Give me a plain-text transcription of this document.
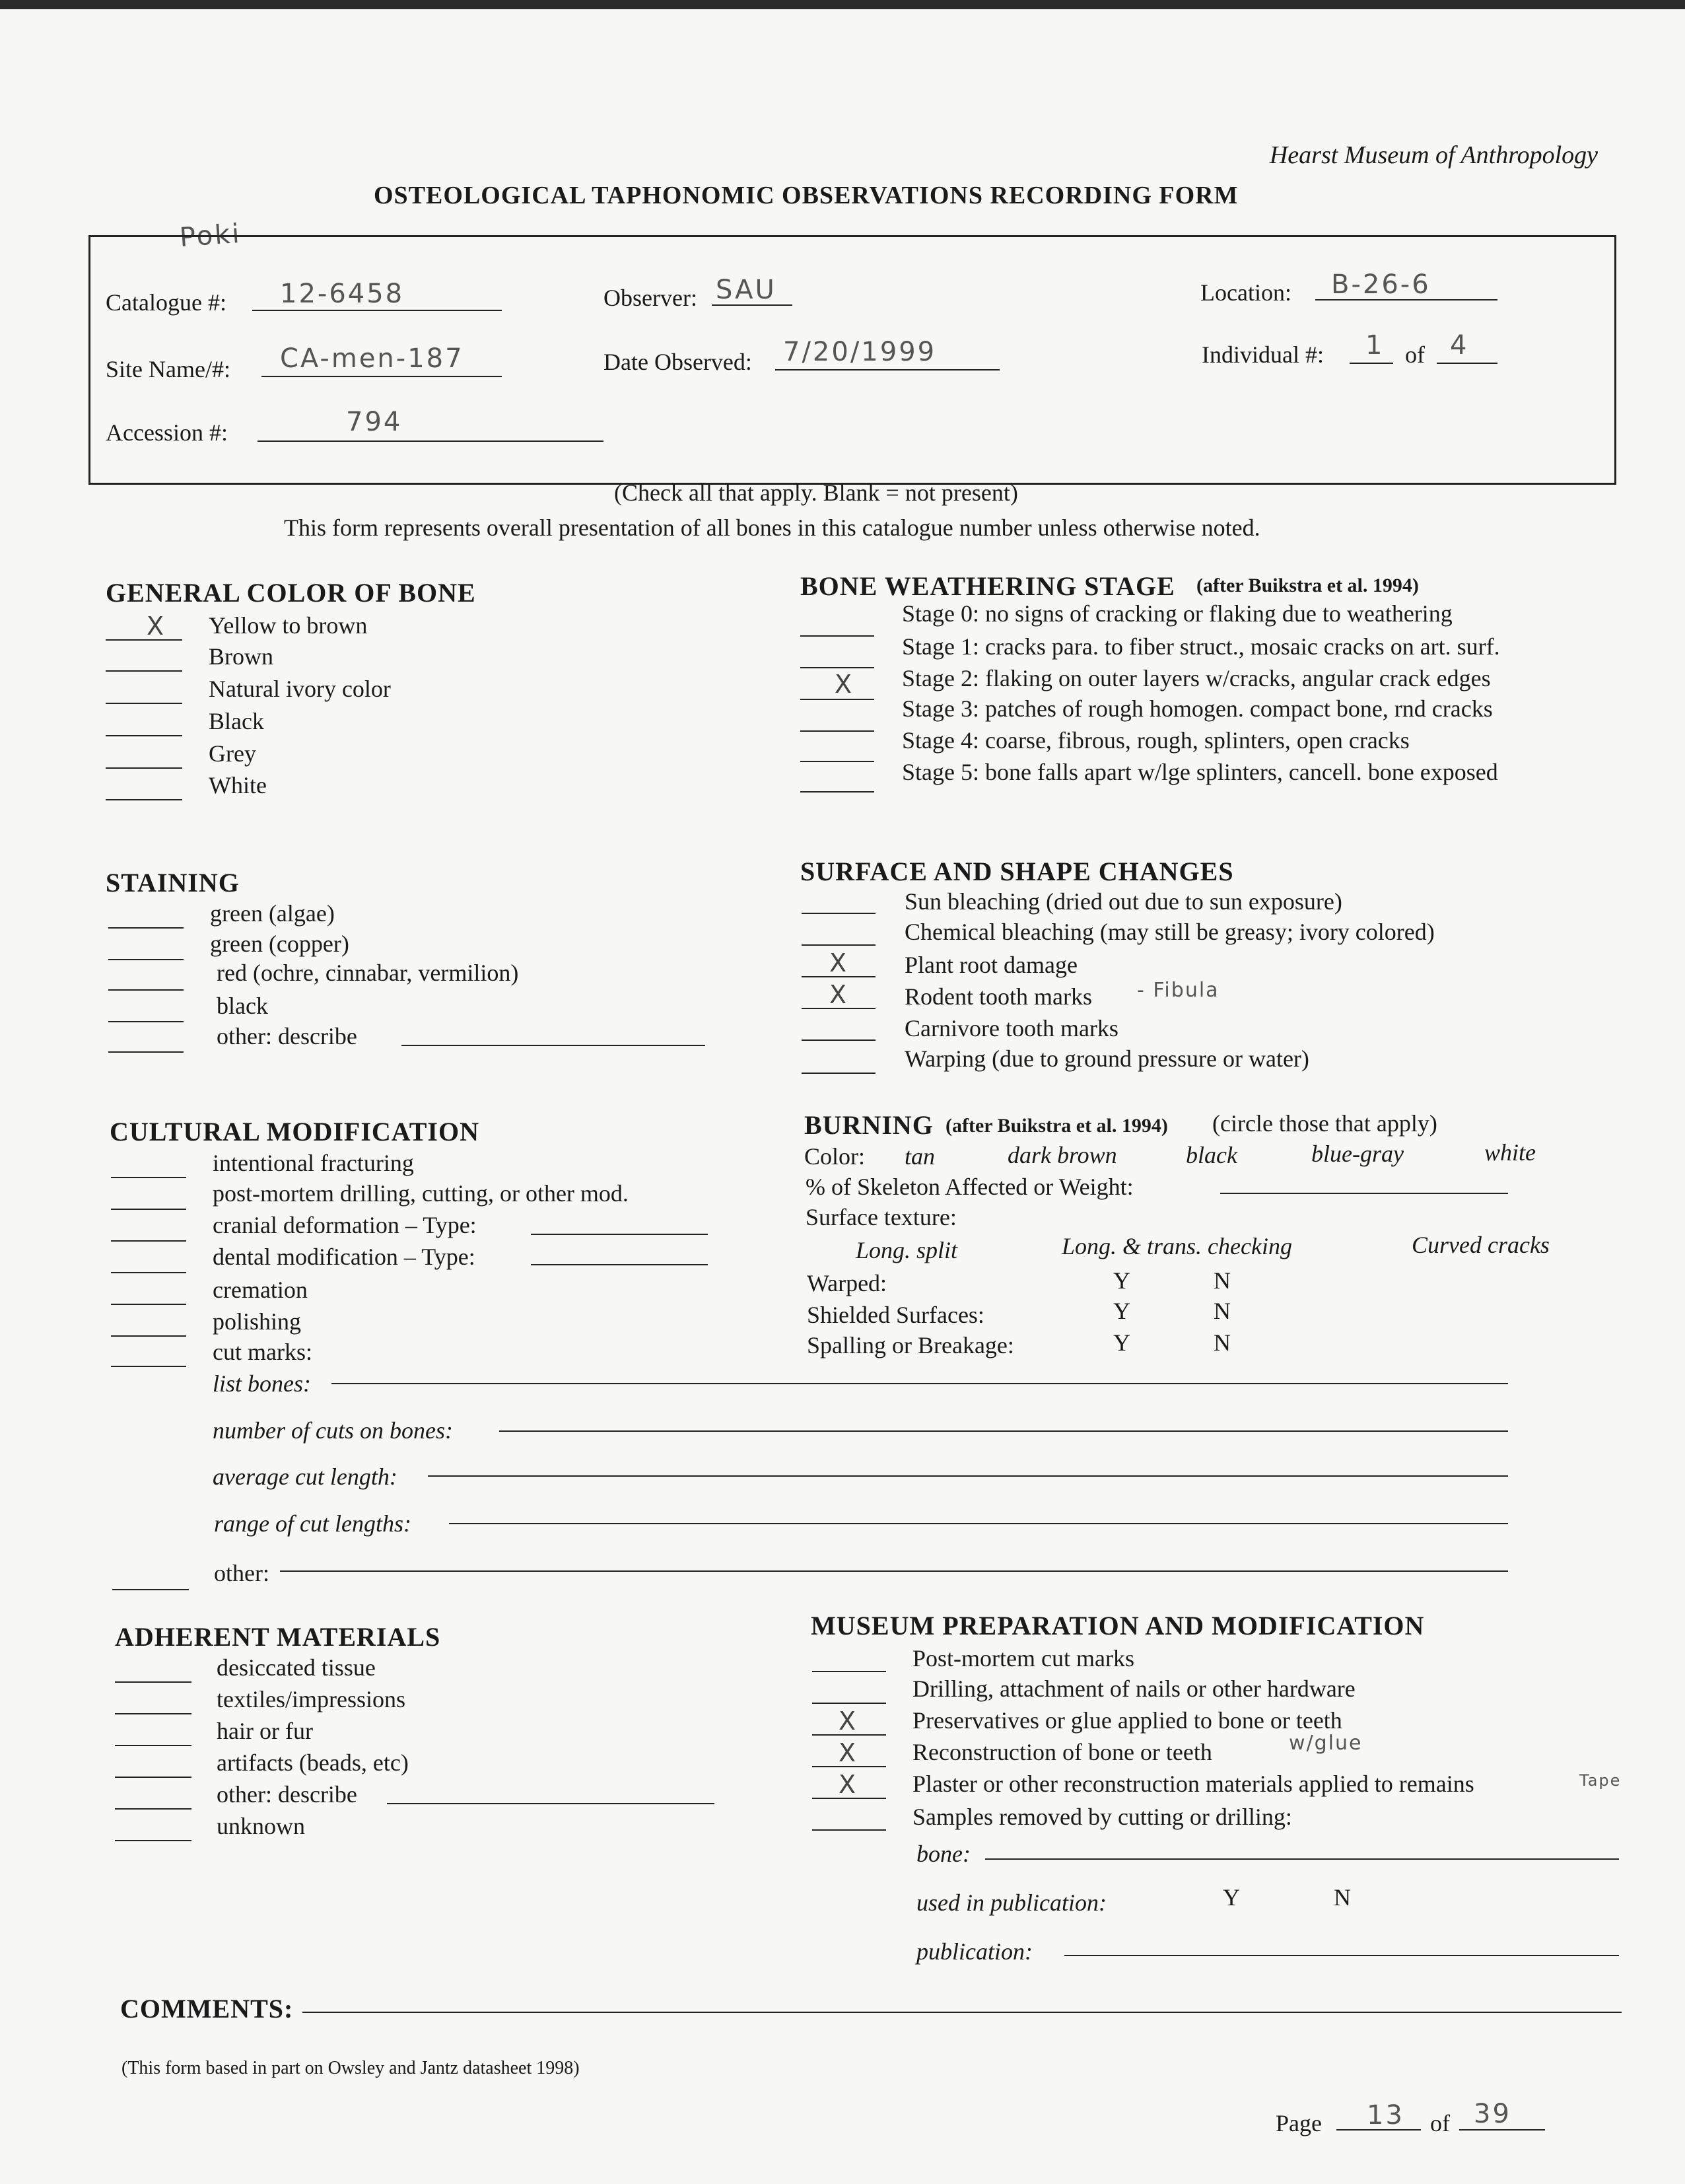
Hearst Museum of Anthropology
OSTEOLOGICAL TAPHONOMIC OBSERVATIONS RECORDING FORM
Poki
Catalogue #: 12-6458	Observer: SAU	Location: B-26-6
Site Name/#: CA-men-187	Date Observed: 7/20/1999	Individual #: 1 of 4
Accession #:	794
(Check all that apply. Blank = not present)
This form represents overall presentation of all bones in this catalogue number unless otherwise noted.
GENERAL COLOR OF BONE
X Yellow to brown
Brown
Natural ivory color
Black
Grey
White
BONE WEATHERING STAGE (after Buikstra et al. 1994)
Stage 0: no signs of cracking or flaking due to weathering
Stage 1: cracks para. to fiber struct., mosaic cracks on art. surf.
X Stage 2: flaking on outer layers w/cracks, angular crack edges
Stage 3: patches of rough homogen. compact bone, rnd cracks
Stage 4: coarse, fibrous, rough, splinters, open cracks
Stage 5: bone falls apart w/lge splinters, cancell. bone exposed
STAINING
green (algae)
green (copper)
red (ochre, cinnabar, vermilion)
black
other: describe
SURFACE AND SHAPE CHANGES
Sun bleaching (dried out due to sun exposure)
Chemical bleaching (may still be greasy; ivory colored)
X Plant root damage
X Rodent tooth marks - Fibula
Carnivore tooth marks
Warping (due to ground pressure or water)
CULTURAL MODIFICATION
intentional fracturing
post-mortem drilling, cutting, or other mod.
cranial deformation – Type:
dental modification – Type:
cremation
polishing
cut marks:
list bones:
number of cuts on bones:
average cut length:
range of cut lengths:
other:
BURNING (after Buikstra et al. 1994) (circle those that apply)
Color: tan	dark brown	black	blue-gray	white
% of Skeleton Affected or Weight:
Surface texture:
Long. split	Long. & trans. checking	Curved cracks
Warped:	Y	N
Shielded Surfaces:	Y	N
Spalling or Breakage:	Y	N
ADHERENT MATERIALS
desiccated tissue
textiles/impressions
hair or fur
artifacts (beads, etc)
other: describe
unknown
MUSEUM PREPARATION AND MODIFICATION
Post-mortem cut marks
Drilling, attachment of nails or other hardware
X Preservatives or glue applied to bone or teeth
X Reconstruction of bone or teeth	w/glue
X Plaster or other reconstruction materials applied to remains	Tape
Samples removed by cutting or drilling:
bone:
used in publication:	Y	N
publication:
COMMENTS:
(This form based in part on Owsley and Jantz datasheet 1998)
Page 13 of 39
